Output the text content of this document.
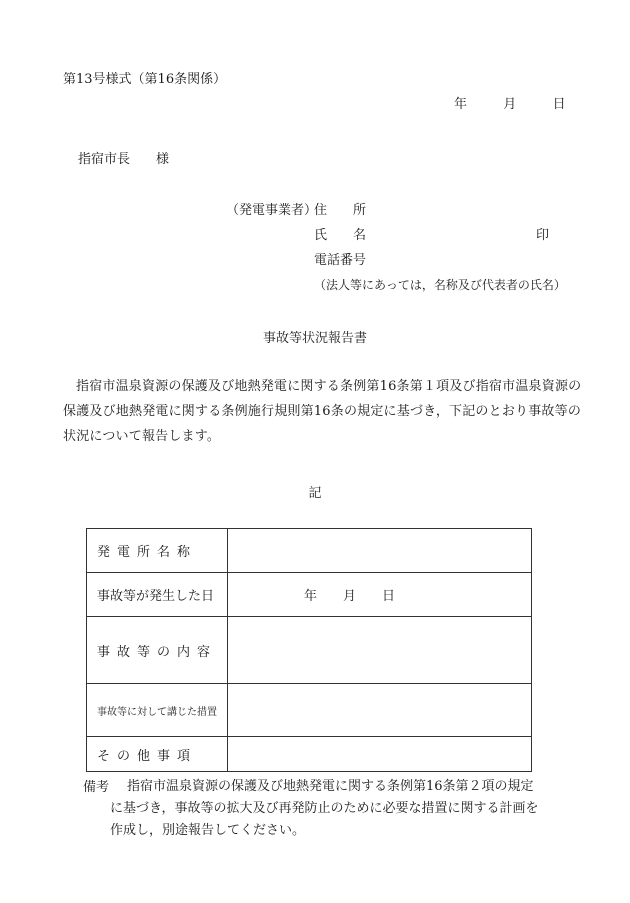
第13号様式（第16条関係）
年	月	日
指宿市長　　様
（発電事業者）
住　　所
氏　　名	印
電話番号
（法人等にあっては，名称及び代表者の氏名）
事故等状況報告書
指宿市温泉資源の保護及び地熱発電に関する条例第16条第１項及び指宿市温泉資源の保護及び地熱発電に関する条例施行規則第16条の規定に基づき，下記のとおり事故等の状況について報告します。
記
発電所名称	
事故等が発生した日	年　　月　　日
事故等の内容	
事故等に対して講じた措置	
その他事項	
備考	指宿市温泉資源の保護及び地熱発電に関する条例第16条第２項の規定に基づき，事故等の拡大及び再発防止のために必要な措置に関する計画を作成し，別途報告してください。
